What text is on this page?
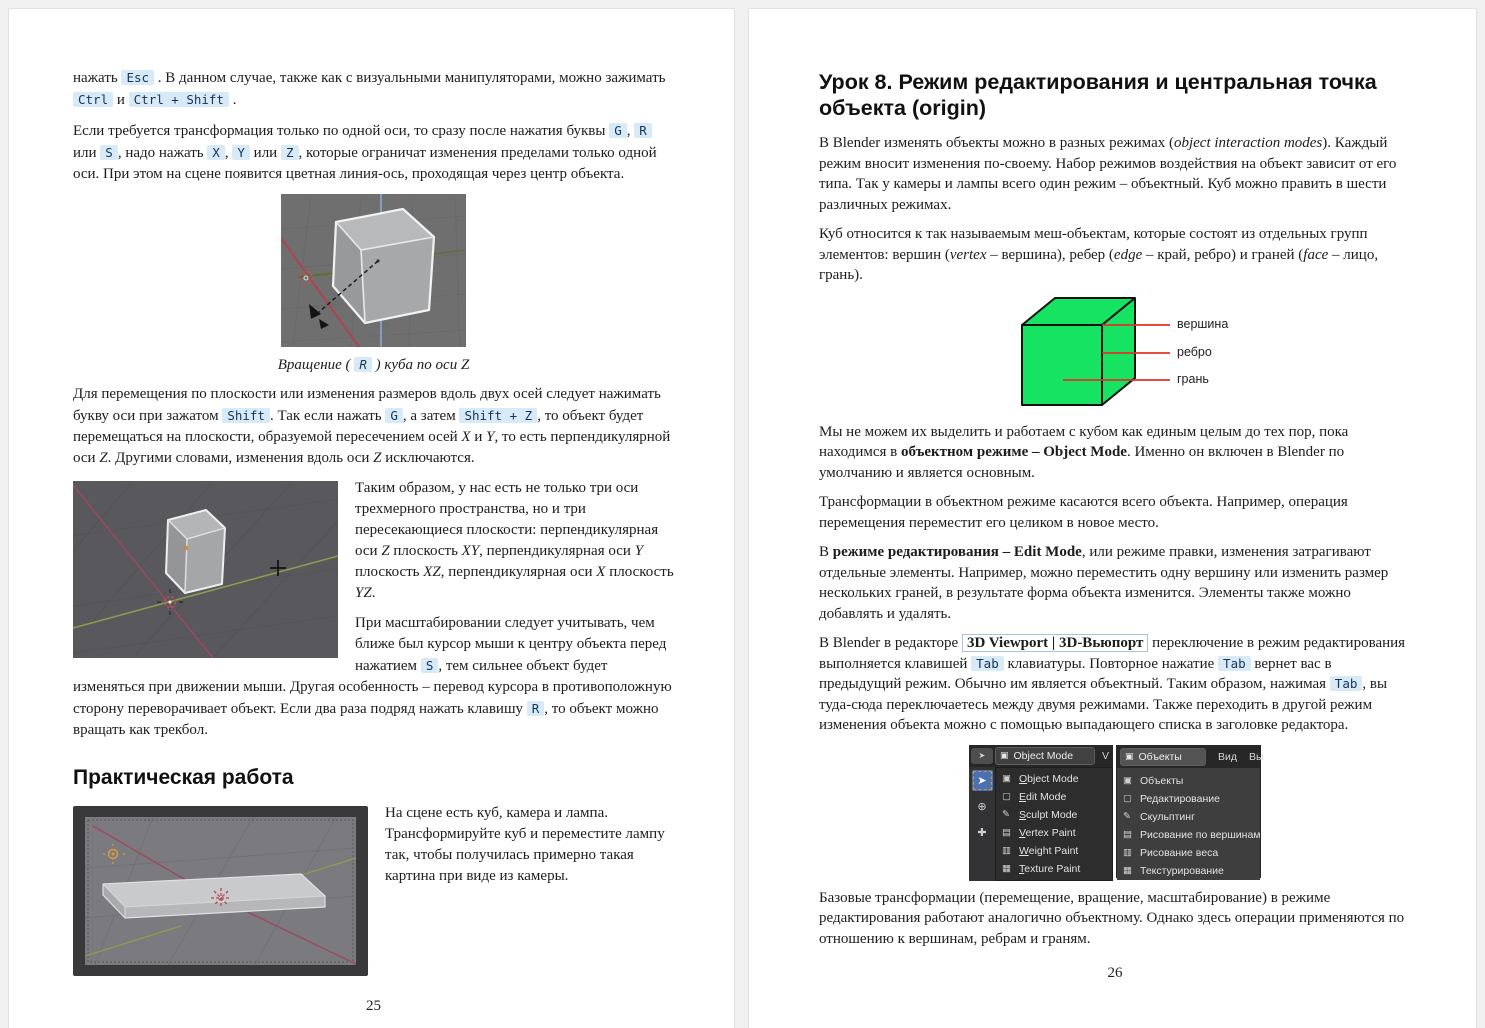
нажать Esc . В данном случае, также как с визуальными манипуляторами, можно зажимать Ctrl и Ctrl + Shift .

Если требуется трансформация только по одной оси, то сразу после нажатия буквы G , R или S , надо нажать X , Y или Z , которые ограничат изменения пределами только одной оси. При этом на сцене появится цветная линия-ось, проходящая через центр объекта.

Вращение ( R ) куба по оси Z

Для перемещения по плоскости или изменения размеров вдоль двух осей следует нажимать букву оси при зажатом Shift . Так если нажать G , а затем Shift + Z , то объект будет перемещаться на плоскости, образуемой пересечением осей X и Y, то есть перпендикулярной оси Z. Другими словами, изменения вдоль оси Z исключаются.

Таким образом, у нас есть не только три оси трехмерного пространства, но и три пересекающиеся плоскости: перпендикулярная оси Z плоскость XY, перпендикулярная оси Y плоскость XZ, перпендикулярная оси X плоскость YZ.

При масштабировании следует учитывать, чем ближе был курсор мыши к центру объекта перед нажатием S , тем сильнее объект будет изменяться при движении мыши. Другая особенность – перевод курсора в противоположную сторону переворачивает объект. Если два раза подряд нажать клавишу R , то объект можно вращать как трекбол.

Практическая работа

На сцене есть куб, камера и лампа. Трансформируйте куб и переместите лампу так, чтобы получилась примерно такая картина при виде из камеры.

25
Урок 8. Режим редактирования и центральная точка объекта (origin)

В Blender изменять объекты можно в разных режимах (object interaction modes). Каждый режим вносит изменения по-своему. Набор режимов воздействия на объект зависит от его типа. Так у камеры и лампы всего один режим – объектный. Куб можно править в шести различных режимах.

Куб относится к так называемым меш-объектам, которые состоят из отдельных групп элементов: вершин (vertex – вершина), ребер (edge – край, ребро) и граней (face – лицо, грань).

вершина
ребро
грань

Мы не можем их выделить и работаем с кубом как единым целым до тех пор, пока находимся в объектном режиме – Object Mode. Именно он включен в Blender по умолчанию и является основным.

Трансформации в объектном режиме касаются всего объекта. Например, операция перемещения переместит его целиком в новое место.

В режиме редактирования – Edit Mode, или режиме правки, изменения затрагивают отдельные элементы. Например, можно переместить одну вершину или изменить размер нескольких граней, в результате форма объекта изменится. Элементы также можно добавлять и удалять.

В Blender в редакторе 3D Viewport | 3D-Вьюпорт переключение в режим редактирования выполняется клавишей Tab клавиатуры. Повторное нажатие Tab вернет вас в предыдущий режим. Обычно им является объектный. Таким образом, нажимая Tab , вы туда-сюда переключаетесь между двумя режимами. Также переходить в другой режим изменения объекта можно с помощью выпадающего списка в заголовке редактора.

➤ ▣ Object Mode	V
➤
⊕
✚
▣ Object Mode
▢ Edit Mode
✎ Sculpt Mode
▤ Vertex Paint
▥ Weight Paint
▦ Texture Paint
▣ Объекты	Вид Вы
▣ Объекты
▢ Редактирование
✎ Скульптинг
▤ Рисование по вершинам
▥ Рисование веса
▦ Текстурирование

Базовые трансформации (перемещение, вращение, масштабирование) в режиме редактирования работают аналогично объектному. Однако здесь операции применяются по отношению к вершинам, ребрам и граням.

26
